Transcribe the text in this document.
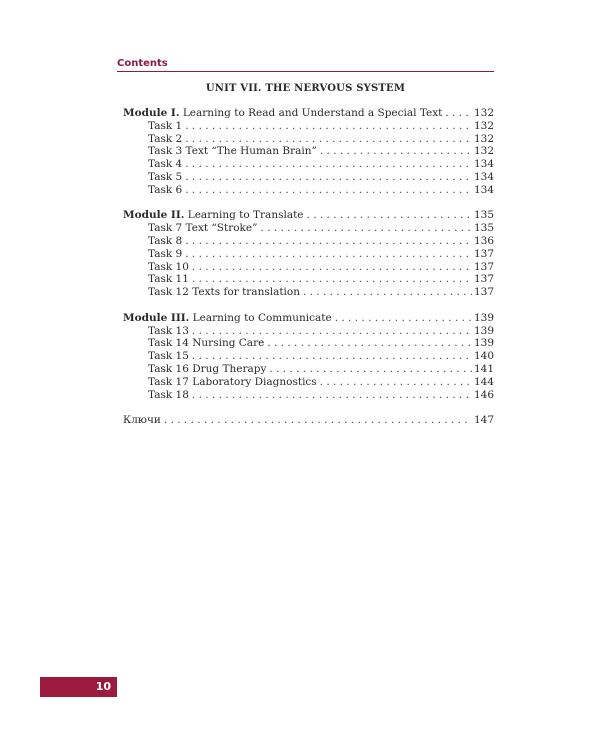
Contents
UNIT VII. THE NERVOUS SYSTEM
Module I. Learning to Read and Understand a Special Text . . .	132
Task 1 . . .	132
Task 2 . . .	132
Task 3 Text “The Human Brain” . . .	132
Task 4 . . .	134
Task 5 . . .	134
Task 6 . . .	134
Module II. Learning to Translate . . .	135
Task 7 Text “Stroke” . . .	135
Task 8 . . .	136
Task 9 . . .	137
Task 10 . . .	137
Task 11 . . .	137
Task 12 Texts for translation . . .	137
Module III. Learning to Communicate . . .	139
Task 13 . . .	139
Task 14 Nursing Care . . .	139
Task 15 . . .	140
Task 16 Drug Therapy . . .	141
Task 17 Laboratory Diagnostics . . .	144
Task 18 . . .	146
Ключи . . .	147
10
